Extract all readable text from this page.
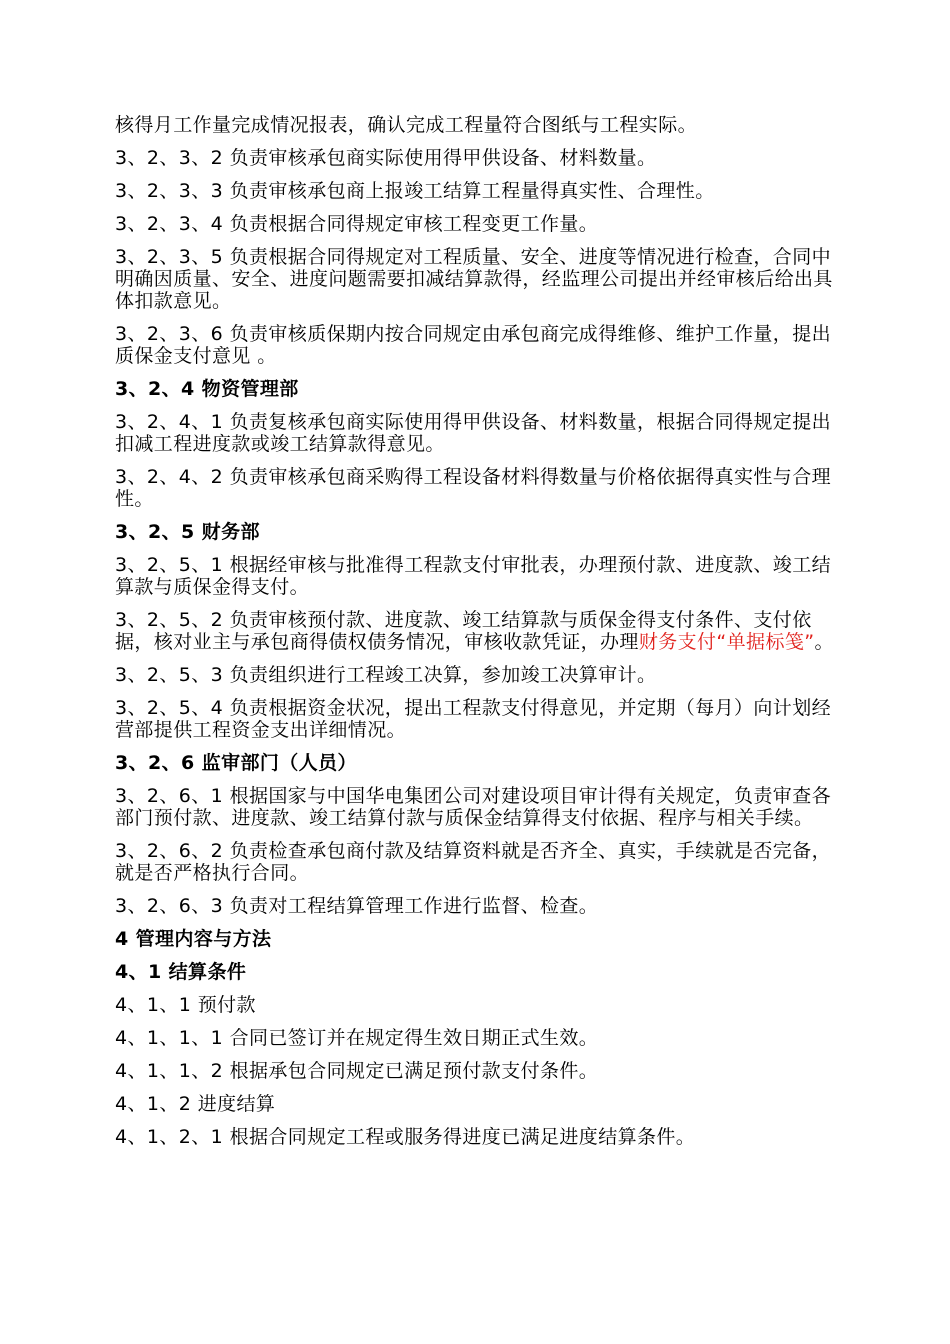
核得月工作量完成情况报表，确认完成工程量符合图纸与工程实际。

3、2、3、2 负责审核承包商实际使用得甲供设备、材料数量。

3、2、3、3 负责审核承包商上报竣工结算工程量得真实性、合理性。

3、2、3、4 负责根据合同得规定审核工程变更工作量。

3、2、3、5 负责根据合同得规定对工程质量、安全、进度等情况进行检查，合同中明确因质量、安全、进度问题需要扣减结算款得，经监理公司提出并经审核后给出具体扣款意见。

3、2、3、6 负责审核质保期内按合同规定由承包商完成得维修、维护工作量，提出质保金支付意见 。

3、2、4 物资管理部

3、2、4、1 负责复核承包商实际使用得甲供设备、材料数量，根据合同得规定提出扣减工程进度款或竣工结算款得意见。

3、2、4、2 负责审核承包商采购得工程设备材料得数量与价格依据得真实性与合理性。

3、2、5 财务部

3、2、5、1 根据经审核与批准得工程款支付审批表，办理预付款、进度款、竣工结算款与质保金得支付。

3、2、5、2 负责审核预付款、进度款、竣工结算款与质保金得支付条件、支付依据，核对业主与承包商得债权债务情况，审核收款凭证，办理财务支付“单据标笺”。

3、2、5、3 负责组织进行工程竣工决算，参加竣工决算审计。

3、2、5、4 负责根据资金状况，提出工程款支付得意见，并定期（每月）向计划经营部提供工程资金支出详细情况。

3、2、6 监审部门（人员）

3、2、6、1 根据国家与中国华电集团公司对建设项目审计得有关规定，负责审查各部门预付款、进度款、竣工结算付款与质保金结算得支付依据、程序与相关手续。

3、2、6、2 负责检查承包商付款及结算资料就是否齐全、真实，手续就是否完备，就是否严格执行合同。

3、2、6、3 负责对工程结算管理工作进行监督、检查。

4 管理内容与方法

4、1 结算条件

4、1、1 预付款

4、1、1、1 合同已签订并在规定得生效日期正式生效。

4、1、1、2 根据承包合同规定已满足预付款支付条件。

4、1、2 进度结算

4、1、2、1 根据合同规定工程或服务得进度已满足进度结算条件。
